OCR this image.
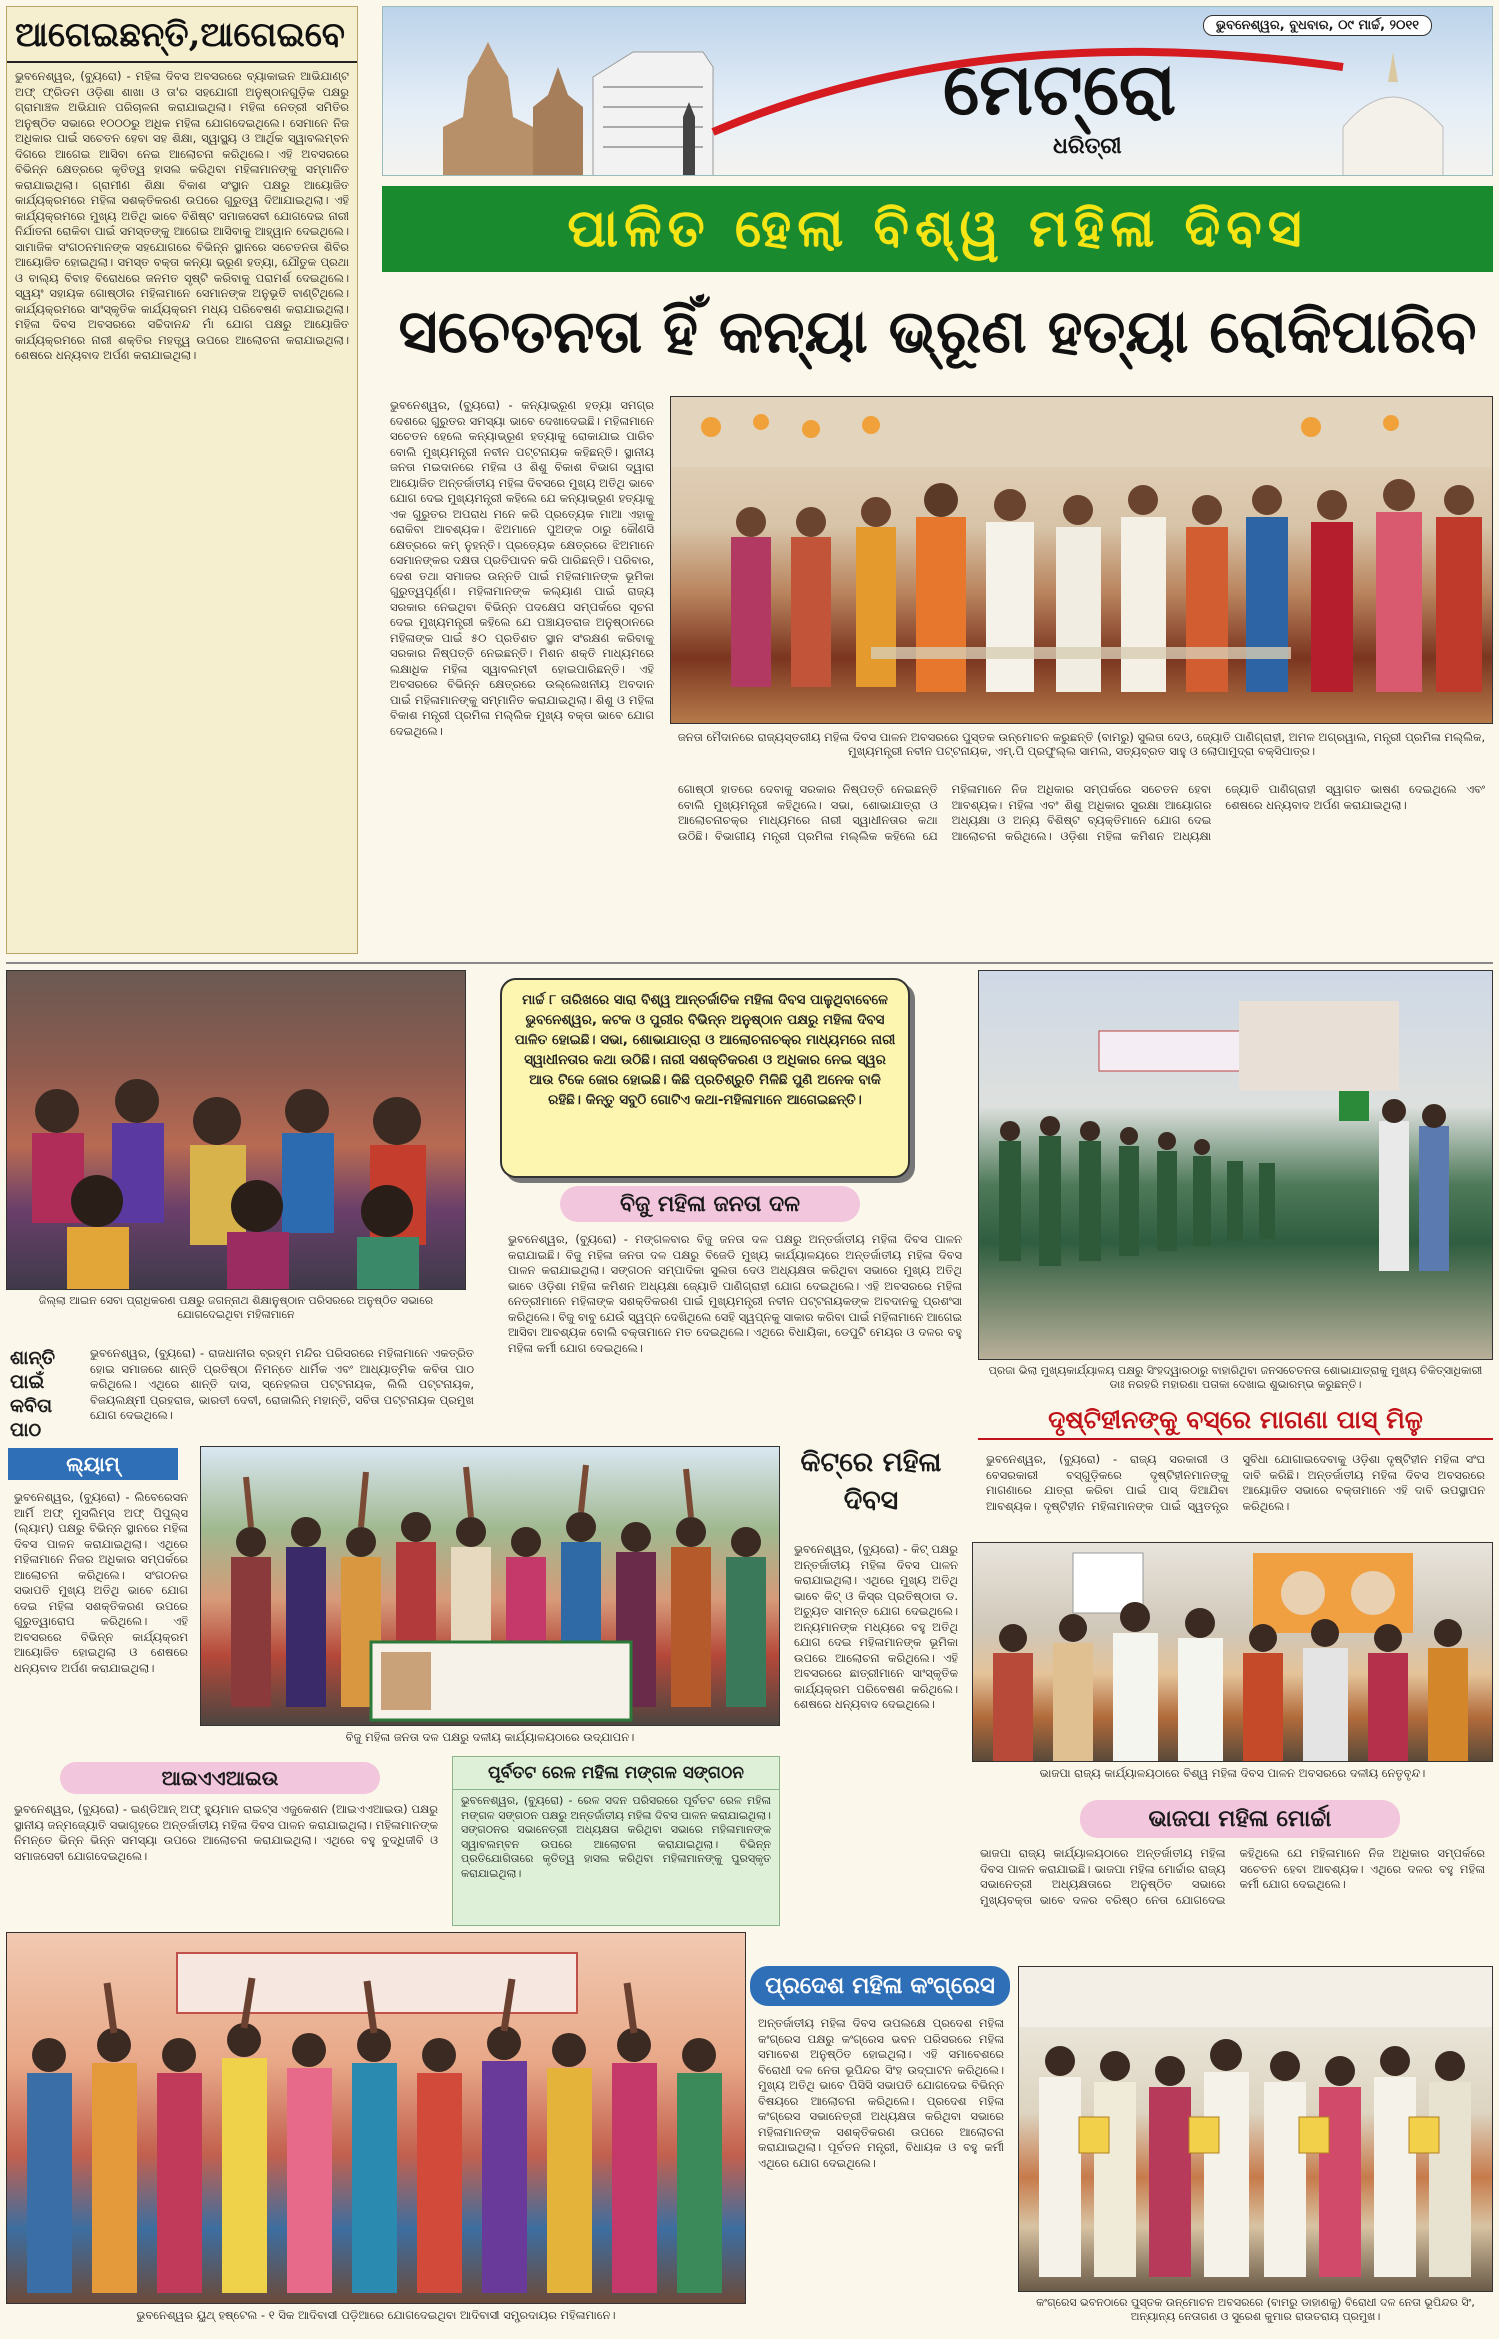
ଆଗେଇଛନ୍ତି,ଆଗେଇବେ
ଭୁବନେଶ୍ୱର, (ବ୍ୟୁରୋ) - ମହିଳା ଦିବସ ଅବସରରେ ବ୍ୟାକାଇନ ଆଭିଯାଣ୍ଟ ଅଫ୍ ଫ୍ରିଡମ ଓଡ଼ିଶା ଶାଖା ଓ ତା'ର ସହଯୋଗୀ ଅନୁଷ୍ଠାନଗୁଡ଼ିକ ପକ୍ଷରୁ ଗ୍ରାମାଞ୍ଚଳ ଅଭିଯାନ ପରିଚାଳନା କରାଯାଇଥିଲା। ମହିଳା ନେତ୍ରୀ ସମିତିର ଅନୁଷ୍ଠିତ ସଭାରେ ୧୦୦୦ରୁ ଅଧିକ ମହିଳା ଯୋଗଦେଇଥିଲେ। ସେମାନେ ନିଜ ଅଧିକାର ପାଇଁ ସଚେତନ ହେବା ସହ ଶିକ୍ଷା, ସ୍ୱାସ୍ଥ୍ୟ ଓ ଆର୍ଥିକ ସ୍ୱାବଲମ୍ବନ ଦିଗରେ ଆଗେଇ ଆସିବା ନେଇ ଆଲୋଚନା କରିଥିଲେ। ଏହି ଅବସରରେ ବିଭିନ୍ନ କ୍ଷେତ୍ରରେ କୃତିତ୍ୱ ହାସଲ କରିଥିବା ମହିଳାମାନଙ୍କୁ ସମ୍ମାନିତ କରାଯାଇଥିଲା। ଗ୍ରାମୀଣ ଶିକ୍ଷା ବିକାଶ ସଂସ୍ଥାନ ପକ୍ଷରୁ ଆୟୋଜିତ କାର୍ଯ୍ୟକ୍ରମରେ ମହିଳା ସଶକ୍ତିକରଣ ଉପରେ ଗୁରୁତ୍ୱ ଦିଆଯାଇଥିଲା। ଏହି କାର୍ଯ୍ୟକ୍ରମରେ ମୁଖ୍ୟ ଅତିଥି ଭାବେ ବିଶିଷ୍ଟ ସମାଜସେବୀ ଯୋଗଦେଇ ନାରୀ ନିର୍ଯାତନା ରୋକିବା ପାଇଁ ସମସ୍ତଙ୍କୁ ଆଗେଇ ଆସିବାକୁ ଆହ୍ୱାନ ଦେଇଥିଲେ। ସାମାଜିକ ସଂଗଠନମାନଙ୍କ ସହଯୋଗରେ ବିଭିନ୍ନ ସ୍ଥାନରେ ସଚେତନତା ଶିବିର ଆୟୋଜିତ ହୋଇଥିଲା। ସମସ୍ତ ବକ୍ତା କନ୍ୟା ଭ୍ରୂଣ ହତ୍ୟା, ଯୌତୁକ ପ୍ରଥା ଓ ବାଲ୍ୟ ବିବାହ ବିରୋଧରେ ଜନମତ ସୃଷ୍ଟି କରିବାକୁ ପରାମର୍ଶ ଦେଇଥିଲେ। ସ୍ୱୟଂ ସହାୟକ ଗୋଷ୍ଠୀର ମହିଳାମାନେ ସେମାନଙ୍କ ଅନୁଭୂତି ବାଣ୍ଟିଥିଲେ। କାର୍ଯ୍ୟକ୍ରମରେ ସାଂସ୍କୃତିକ କାର୍ଯ୍ୟକ୍ରମ ମଧ୍ୟ ପରିବେଷଣ କରାଯାଇଥିଲା। ମହିଳା ଦିବସ ଅବସରରେ ସଚ୍ଚିଦାନନ୍ଦ ମାଁ ଯୋଗ ପକ୍ଷରୁ ଆୟୋଜିତ କାର୍ଯ୍ୟକ୍ରମରେ ନାରୀ ଶକ୍ତିର ମହତ୍ତ୍ୱ ଉପରେ ଆଲୋଚନା କରାଯାଇଥିଲା। ଶେଷରେ ଧନ୍ୟବାଦ ଅର୍ପଣ କରାଯାଇଥିଲା।
ଭୁବନେଶ୍ୱର, ବୁଧବାର, ୦୯ ମାର୍ଚ୍ଚ, ୨୦୧୧
ମେଟ୍ରୋ
ଧରିତ୍ରୀ
ପାଳିତ ହେଲା ବିଶ୍ୱ ମହିଳା ଦିବସ
ସଚେତନତା ହିଁ କନ୍ୟା ଭ୍ରୂଣ ହତ୍ୟା ରୋକିପାରିବ
ଭୁବନେଶ୍ୱର, (ବ୍ୟୁରୋ) - କନ୍ୟାଭ୍ରୂଣ ହତ୍ୟା ସମଗ୍ର ଦେଶରେ ଗୁରୁତର ସମସ୍ୟା ଭାବେ ଦେଖାଦେଇଛି। ମହିଳାମାନେ ସଚେତନ ହେଲେ କନ୍ୟାଭ୍ରୂଣ ହତ୍ୟାକୁ ରୋକାଯାଇ ପାରିବ ବୋଲି ମୁଖ୍ୟମନ୍ତ୍ରୀ ନବୀନ ପଟ୍ଟନାୟକ କହିଛନ୍ତି। ସ୍ଥାନୀୟ ଜନତା ମଇଦାନରେ ମହିଳା ଓ ଶିଶୁ ବିକାଶ ବିଭାଗ ଦ୍ୱାରା ଆୟୋଜିତ ଅନ୍ତର୍ଜାତୀୟ ମହିଳା ଦିବସରେ ମୁଖ୍ୟ ଅତିଥି ଭାବେ ଯୋଗ ଦେଇ ମୁଖ୍ୟମନ୍ତ୍ରୀ କହିଲେ ଯେ କନ୍ୟାଭ୍ରୂଣ ହତ୍ୟାକୁ ଏକ ଗୁରୁତର ଅପରାଧ ମନେ କରି ପ୍ରତ୍ୟେକ ମାଆ ଏହାକୁ ରୋକିବା ଆବଶ୍ୟକ। ଝିଅମାନେ ପୁଅଙ୍କ ଠାରୁ କୌଣସି କ୍ଷେତ୍ରରେ କମ୍ ନୁହନ୍ତି। ପ୍ରତ୍ୟେକ କ୍ଷେତ୍ରରେ ଝିଅମାନେ ସେମାନଙ୍କର ଦକ୍ଷତା ପ୍ରତିପାଦନ କରି ପାରିଛନ୍ତି। ପରିବାର, ଦେଶ ତଥା ସମାଜର ଉନ୍ନତି ପାଇଁ ମହିଳାମାନଙ୍କ ଭୂମିକା ଗୁରୁତ୍ୱପୂର୍ଣ୍ଣ। ମହିଳାମାନଙ୍କ କଲ୍ୟାଣ ପାଇଁ ରାଜ୍ୟ ସରକାର ନେଇଥିବା ବିଭିନ୍ନ ପଦକ୍ଷେପ ସମ୍ପର୍କରେ ସୂଚନା ଦେଇ ମୁଖ୍ୟମନ୍ତ୍ରୀ କହିଲେ ଯେ ପଞ୍ଚାୟତରାଜ ଅନୁଷ୍ଠାନରେ ମହିଳାଙ୍କ ପାଇଁ ୫୦ ପ୍ରତିଶତ ସ୍ଥାନ ସଂରକ୍ଷଣ କରିବାକୁ ସରକାର ନିଷ୍ପତ୍ତି ନେଇଛନ୍ତି। ମିଶନ ଶକ୍ତି ମାଧ୍ୟମରେ ଲକ୍ଷାଧିକ ମହିଳା ସ୍ୱାବଲମ୍ବୀ ହୋଇପାରିଛନ୍ତି। ଏହି ଅବସରରେ ବିଭିନ୍ନ କ୍ଷେତ୍ରରେ ଉଲ୍ଲେଖନୀୟ ଅବଦାନ ପାଇଁ ମହିଳାମାନଙ୍କୁ ସମ୍ମାନିତ କରାଯାଇଥିଲା। ଶିଶୁ ଓ ମହିଳା ବିକାଶ ମନ୍ତ୍ରୀ ପ୍ରମିଳା ମଲ୍ଲିକ ମୁଖ୍ୟ ବକ୍ତା ଭାବେ ଯୋଗ ଦେଇଥିଲେ।	ଜନତା ମୈଦାନରେ ରାଜ୍ୟସ୍ତରୀୟ ମହିଳା ଦିବସ ପାଳନ ଅବସରରେ ପୁସ୍ତକ ଉନ୍ମୋଚନ କରୁଛନ୍ତି (ବାମରୁ) ସୁଲତା ଦେଓ, ଜ୍ୟୋତି ପାଣିଗ୍ରାହୀ, ଅମଳ ଅଗ୍ରୱାଲ, ମନ୍ତ୍ରୀ ପ୍ରମିଳା ମଲ୍ଲିକ, ମୁଖ୍ୟମନ୍ତ୍ରୀ ନବୀନ ପଟ୍ଟନାୟକ, ଏମ୍.ପି ପ୍ରଫୁଲ୍ଲ ସାମଲ, ସତ୍ୟବ୍ରତ ସାହୁ ଓ ଲୋପାମୁଦ୍ରା ବକ୍ସିପାତ୍ର।
ଗୋଷ୍ଠୀ ହାତରେ ଦେବାକୁ ସରକାର ନିଷ୍ପତ୍ତି ନେଇଛନ୍ତି ବୋଲି ମୁଖ୍ୟମନ୍ତ୍ରୀ କହିଥିଲେ। ସଭା, ଶୋଭାଯାତ୍ରା ଓ ଆଲୋଚନାଚକ୍ର ମାଧ୍ୟମରେ ନାରୀ ସ୍ୱାଧୀନତାର କଥା ଉଠିଛି। ବିଭାଗୀୟ ମନ୍ତ୍ରୀ ପ୍ରମିଳା ମଲ୍ଲିକ କହିଲେ ଯେ ମହିଳାମାନେ ନିଜ ଅଧିକାର ସମ୍ପର୍କରେ ସଚେତନ ହେବା ଆବଶ୍ୟକ। ମହିଳା ଏବଂ ଶିଶୁ ଅଧିକାର ସୁରକ୍ଷା ଆୟୋଗର ଅଧ୍ୟକ୍ଷା ଓ ଅନ୍ୟ ବିଶିଷ୍ଟ ବ୍ୟକ୍ତିମାନେ ଯୋଗ ଦେଇ ଆଲୋଚନା କରିଥିଲେ। ଓଡ଼ିଶା ମହିଳା କମିଶନ ଅଧ୍ୟକ୍ଷା ଜ୍ୟୋତି ପାଣିଗ୍ରାହୀ ସ୍ୱାଗତ ଭାଷଣ ଦେଇଥିଲେ ଏବଂ ଶେଷରେ ଧନ୍ୟବାଦ ଅର୍ପଣ କରାଯାଇଥିଲା।
ଜିଲ୍ଲା ଆଇନ ସେବା ପ୍ରାଧିକରଣ ପକ୍ଷରୁ ଜଗନ୍ନାଥ ଶିକ୍ଷାନୁଷ୍ଠାନ ପରିସରରେ ଅନୁଷ୍ଠିତ ସଭାରେ ଯୋଗଦେଇଥିବା ମହିଳାମାନେ
ମାର୍ଚ୍ଚ ୮ ତାରିଖରେ ସାରା ବିଶ୍ୱ ଆନ୍ତର୍ଜାତିକ ମହିଳା ଦିବସ ପାଳୁଥିବାବେଳେ ଭୁବନେଶ୍ୱର, କଟକ ଓ ପୁରୀର ବିଭିନ୍ନ ଅନୁଷ୍ଠାନ ପକ୍ଷରୁ ମହିଳା ଦିବସ ପାଳିତ ହୋଇଛି। ସଭା, ଶୋଭାଯାତ୍ରା ଓ ଆଲୋଚନାଚକ୍ର ମାଧ୍ୟମରେ ନାରୀ ସ୍ୱାଧୀନତାର କଥା ଉଠିଛି। ନାରୀ ସଶକ୍ତିକରଣ ଓ ଅଧିକାର ନେଇ ସ୍ୱର ଆଉ ଟିକେ ଜୋର ହୋଇଛି। କିଛି ପ୍ରତିଶ୍ରୁତି ମିଳିଛି ପୁଣି ଅନେକ ବାକି ରହିଛି। କିନ୍ତୁ ସବୁଠି ଗୋଟିଏ କଥା-ମହିଳାମାନେ ଆଗେଇଛନ୍ତି।
ବିଜୁ ମହିଳା ଜନତା ଦଳ
ଭୁବନେଶ୍ୱର, (ବ୍ୟୁରୋ) - ମଙ୍ଗଳବାର ବିଜୁ ଜନତା ଦଳ ପକ୍ଷରୁ ଅନ୍ତର୍ଜାତୀୟ ମହିଳା ଦିବସ ପାଳନ କରାଯାଇଛି। ବିଜୁ ମହିଳା ଜନତା ଦଳ ପକ୍ଷରୁ ବିଜେଡି ମୁଖ୍ୟ କାର୍ଯ୍ୟାଳୟରେ ଅନ୍ତର୍ଜାତୀୟ ମହିଳା ଦିବସ ପାଳନ କରାଯାଇଥିଲା। ସଙ୍ଗଠନ ସମ୍ପାଦିକା ସୁଲତା ଦେଓ ଅଧ୍ୟକ୍ଷତା କରିଥିବା ସଭାରେ ମୁଖ୍ୟ ଅତିଥି ଭାବେ ଓଡ଼ିଶା ମହିଳା କମିଶନ ଅଧ୍ୟକ୍ଷା ଜ୍ୟୋତି ପାଣିଗ୍ରାହୀ ଯୋଗ ଦେଇଥିଲେ। ଏହି ଅବସରରେ ମହିଳା ନେତ୍ରୀମାନେ ମହିଳାଙ୍କ ସଶକ୍ତିକରଣ ପାଇଁ ମୁଖ୍ୟମନ୍ତ୍ରୀ ନବୀନ ପଟ୍ଟନାୟକଙ୍କ ଅବଦାନକୁ ପ୍ରଶଂସା କରିଥିଲେ। ବିଜୁ ବାବୁ ଯେଉଁ ସ୍ୱପ୍ନ ଦେଖିଥିଲେ ସେହି ସ୍ୱପ୍ନକୁ ସାକାର କରିବା ପାଇଁ ମହିଳାମାନେ ଆଗେଇ ଆସିବା ଆବଶ୍ୟକ ବୋଲି ବକ୍ତାମାନେ ମତ ଦେଇଥିଲେ। ଏଥିରେ ବିଧାୟିକା, ଡେପୁଟି ମେୟର ଓ ଦଳର ବହୁ ମହିଳା କର୍ମୀ ଯୋଗ ଦେଇଥିଲେ।
ପ୍ରଜା ଭିଲା ମୁଖ୍ୟକାର୍ଯ୍ୟାଳୟ ପକ୍ଷରୁ ସିଂହଦ୍ୱାରଠାରୁ ବାହାରିଥିବା ଜନସଚେତନତା ଶୋଭାଯାତ୍ରାକୁ ମୁଖ୍ୟ ଚିକିତ୍ସାଧିକାରୀ ଡାଃ ନରହରି ମହାରଣା ପତାକା ଦେଖାଇ ଶୁଭାରମ୍ଭ କରୁଛନ୍ତି।
ଦୃଷ୍ଟିହୀନଙ୍କୁ ବସ୍‌ରେ ମାଗଣା ପାସ୍ ମିଳୁ
ଭୁବନେଶ୍ୱର, (ବ୍ୟୁରୋ) - ରାଜ୍ୟ ସରକାରୀ ଓ ବେସରକାରୀ ବସ୍‌ଗୁଡ଼ିକରେ ଦୃଷ୍ଟିହୀନମାନଙ୍କୁ ମାଗଣାରେ ଯାତ୍ରା କରିବା ପାଇଁ ପାସ୍ ଦିଆଯିବା ଆବଶ୍ୟକ। ଦୃଷ୍ଟିହୀନ ମହିଳାମାନଙ୍କ ପାଇଁ ସ୍ୱତନ୍ତ୍ର ସୁବିଧା ଯୋଗାଇଦେବାକୁ ଓଡ଼ିଶା ଦୃଷ୍ଟିହୀନ ମହିଳା ସଂଘ ଦାବି କରିଛି। ଅନ୍ତର୍ଜାତୀୟ ମହିଳା ଦିବସ ଅବସରରେ ଆୟୋଜିତ ସଭାରେ ବକ୍ତାମାନେ ଏହି ଦାବି ଉପସ୍ଥାପନ କରିଥିଲେ।
ଶାନ୍ତି ପାଇଁ କବିତା ପାଠ
ଭୁବନେଶ୍ୱର, (ବ୍ୟୁରୋ) - ରାଜଧାନୀର ବ୍ରହ୍ମ ମନ୍ଦିର ପରିସରରେ ମହିଳାମାନେ ଏକତ୍ରିତ ହୋଇ ସମାଜରେ ଶାନ୍ତି ପ୍ରତିଷ୍ଠା ନିମନ୍ତେ ଧାର୍ମିକ ଏବଂ ଆଧ୍ୟାତ୍ମିକ କବିତା ପାଠ କରିଥିଲେ। ଏଥିରେ ଶାନ୍ତି ଦାସ, ସ୍ନେହଲତା ପଟ୍ଟନାୟକ, ଲିଲି ପଟ୍ଟନାୟକ, ବିଜୟଲକ୍ଷ୍ମୀ ପ୍ରହରାଜ, ଭାରତୀ ଦେବୀ, ରୋଜାଲିନ୍ ମହାନ୍ତି, ସବିତା ପଟ୍ଟନାୟକ ପ୍ରମୁଖ ଯୋଗ ଦେଇଥିଲେ।
ଲ୍ୟାମ୍
ଭୁବନେଶ୍ୱର, (ବ୍ୟୁରୋ) - ଲିବେରେସନ ଆର୍ମି ଅଫ୍ ମୁସଲିମ୍ସ ଅଫ୍ ପିପୁଲ୍ସ (ଲ୍ୟାମ୍) ପକ୍ଷରୁ ବିଭିନ୍ନ ସ୍ଥାନରେ ମହିଳା ଦିବସ ପାଳନ କରାଯାଇଥିଲା। ଏଥିରେ ମହିଳାମାନେ ନିଜର ଅଧିକାର ସମ୍ପର୍କରେ ଆଲୋଚନା କରିଥିଲେ। ସଂଗଠନର ସଭାପତି ମୁଖ୍ୟ ଅତିଥି ଭାବେ ଯୋଗ ଦେଇ ମହିଳା ସଶକ୍ତିକରଣ ଉପରେ ଗୁରୁତ୍ୱାରୋପ କରିଥିଲେ। ଏହି ଅବସରରେ ବିଭିନ୍ନ କାର୍ଯ୍ୟକ୍ରମ ଆୟୋଜିତ ହୋଇଥିଲା ଓ ଶେଷରେ ଧନ୍ୟବାଦ ଅର୍ପଣ କରାଯାଇଥିଲା।
ବିଜୁ ମହିଳା ଜନତା ଦଳ ପକ୍ଷରୁ ଦଳୀୟ କାର୍ଯ୍ୟାଳୟଠାରେ ଉଦ୍‌ଯାପନ।
କିଟ୍‌ରେ ମହିଳା ଦିବସ
ଭୁବନେଶ୍ୱର, (ବ୍ୟୁରୋ) - କିଟ୍ ପକ୍ଷରୁ ଅନ୍ତର୍ଜାତୀୟ ମହିଳା ଦିବସ ପାଳନ କରାଯାଇଥିଲା। ଏଥିରେ ମୁଖ୍ୟ ଅତିଥି ଭାବେ କିଟ୍ ଓ କିସ୍‌ର ପ୍ରତିଷ୍ଠାତା ଡ. ଅଚ୍ୟୁତ ସାମନ୍ତ ଯୋଗ ଦେଇଥିଲେ। ଅନ୍ୟମାନଙ୍କ ମଧ୍ୟରେ ବହୁ ଅତିଥି ଯୋଗ ଦେଇ ମହିଳାମାନଙ୍କ ଭୂମିକା ଉପରେ ଆଲୋଚନା କରିଥିଲେ। ଏହି ଅବସରରେ ଛାତ୍ରୀମାନେ ସାଂସ୍କୃତିକ କାର୍ଯ୍ୟକ୍ରମ ପରିବେଷଣ କରିଥିଲେ। ଶେଷରେ ଧନ୍ୟବାଦ ଦେଇଥିଲେ।
ଭାଜପା ରାଜ୍ୟ କାର୍ଯ୍ୟାଳୟଠାରେ ବିଶ୍ୱ ମହିଳା ଦିବସ ପାଳନ ଅବସରରେ ଦଳୀୟ ନେତୃବୃନ୍ଦ।
ଭାଜପା ମହିଳା ମୋର୍ଚ୍ଚା
ଭାଜପା ରାଜ୍ୟ କାର୍ଯ୍ୟାଳୟଠାରେ ଅନ୍ତର୍ଜାତୀୟ ମହିଳା ଦିବସ ପାଳନ କରାଯାଇଛି। ଭାଜପା ମହିଳା ମୋର୍ଚ୍ଚାର ରାଜ୍ୟ ସଭାନେତ୍ରୀ ଅଧ୍ୟକ୍ଷତାରେ ଅନୁଷ୍ଠିତ ସଭାରେ ମୁଖ୍ୟବକ୍ତା ଭାବେ ଦଳର ବରିଷ୍ଠ ନେତା ଯୋଗଦେଇ କହିଥିଲେ ଯେ ମହିଳାମାନେ ନିଜ ଅଧିକାର ସମ୍ପର୍କରେ ସଚେତନ ହେବା ଆବଶ୍ୟକ। ଏଥିରେ ଦଳର ବହୁ ମହିଳା କର୍ମୀ ଯୋଗ ଦେଇଥିଲେ।
ଆଇଏଏଆଇଉ
ଭୁବନେଶ୍ୱର, (ବ୍ୟୁରୋ) - ଇଣ୍ଡିଆନ୍ ଅଫ୍ ହ୍ୟୁମାନ ରାଇଟ୍ସ ଏଜୁକେଶନ (ଆଇଏଏଆଇଉ) ପକ୍ଷରୁ ସ୍ଥାନୀୟ ଜନ୍ମଜ୍ୟୋତି ସଭାଗୃହରେ ଅନ୍ତର୍ଜାତୀୟ ମହିଳା ଦିବସ ପାଳନ କରାଯାଇଥିଲା। ମହିଳାମାନଙ୍କ ନିମନ୍ତେ ଭିନ୍ନ ଭିନ୍ନ ସମସ୍ୟା ଉପରେ ଆଲୋଚନା କରାଯାଇଥିଲା। ଏଥିରେ ବହୁ ବୁଦ୍ଧିଜୀବି ଓ ସମାଜସେବୀ ଯୋଗଦେଇଥିଲେ।
ପୂର୍ବତଟ ରେଳ ମହିଳା ମଙ୍ଗଳ ସଙ୍ଗଠନ
ଭୁବନେଶ୍ୱର, (ବ୍ୟୁରୋ) - ରେଳ ସଦନ ପରିସରରେ ପୂର୍ବତଟ ରେଳ ମହିଳା ମଙ୍ଗଳ ସଙ୍ଗଠନ ପକ୍ଷରୁ ଅନ୍ତର୍ଜାତୀୟ ମହିଳା ଦିବସ ପାଳନ କରାଯାଇଥିଲା। ସଙ୍ଗଠନର ସଭାନେତ୍ରୀ ଅଧ୍ୟକ୍ଷତା କରିଥିବା ସଭାରେ ମହିଳାମାନଙ୍କ ସ୍ୱାବଲମ୍ବନ ଉପରେ ଆଲୋଚନା କରାଯାଇଥିଲା। ବିଭିନ୍ନ ପ୍ରତିଯୋଗିତାରେ କୃତିତ୍ୱ ହାସଲ କରିଥିବା ମହିଳାମାନଙ୍କୁ ପୁରସ୍କୃତ କରାଯାଇଥିଲା।
ଭୁବନେଶ୍ୱର ୟୁଥ୍ ହଷ୍ଟେଲ - ୧ ସିକ ଆଦିବାସୀ ପଡ଼ିଆରେ ଯୋଗଦେଇଥିବା ଆଦିବାସୀ ସମ୍ପ୍ରଦାୟର ମହିଳାମାନେ।
ପ୍ରଦେଶ ମହିଳା କଂଗ୍ରେସ
ଅନ୍ତର୍ଜାତୀୟ ମହିଳା ଦିବସ ଉପଲକ୍ଷେ ପ୍ରଦେଶ ମହିଳା କଂଗ୍ରେସ ପକ୍ଷରୁ କଂଗ୍ରେସ ଭବନ ପରିସରରେ ମହିଳା ସମାବେଶ ଅନୁଷ୍ଠିତ ହୋଇଥିଲା। ଏହି ସମାବେଶରେ ବିରୋଧୀ ଦଳ ନେତା ଭୂପିନ୍ଦର ସିଂହ ଉଦ୍‌ଘାଟନ କରିଥିଲେ। ମୁଖ୍ୟ ଅତିଥି ଭାବେ ପିସିସି ସଭାପତି ଯୋଗଦେଇ ବିଭିନ୍ନ ବିଷୟରେ ଆଲୋଚନା କରିଥିଲେ। ପ୍ରଦେଶ ମହିଳା କଂଗ୍ରେସ ସଭାନେତ୍ରୀ ଅଧ୍ୟକ୍ଷତା କରିଥିବା ସଭାରେ ମହିଳାମାନଙ୍କ ସଶକ୍ତିକରଣ ଉପରେ ଆଲୋଚନା କରାଯାଇଥିଲା। ପୂର୍ବତନ ମନ୍ତ୍ରୀ, ବିଧାୟକ ଓ ବହୁ କର୍ମୀ ଏଥିରେ ଯୋଗ ଦେଇଥିଲେ।
କଂଗ୍ରେସ ଭବନଠାରେ ପୁସ୍ତକ ଉନ୍ମୋଚନ ଅବସରରେ (ବାମରୁ ଡାହାଣକୁ) ବିରୋଧୀ ଦଳ ନେତା ଭୂପିନ୍ଦର ସିଂ, ଅନ୍ୟାନ୍ୟ ନେତାଗଣ ଓ ସୁରେଶ କୁମାର ରାଉତରାୟ ପ୍ରମୁଖ।
